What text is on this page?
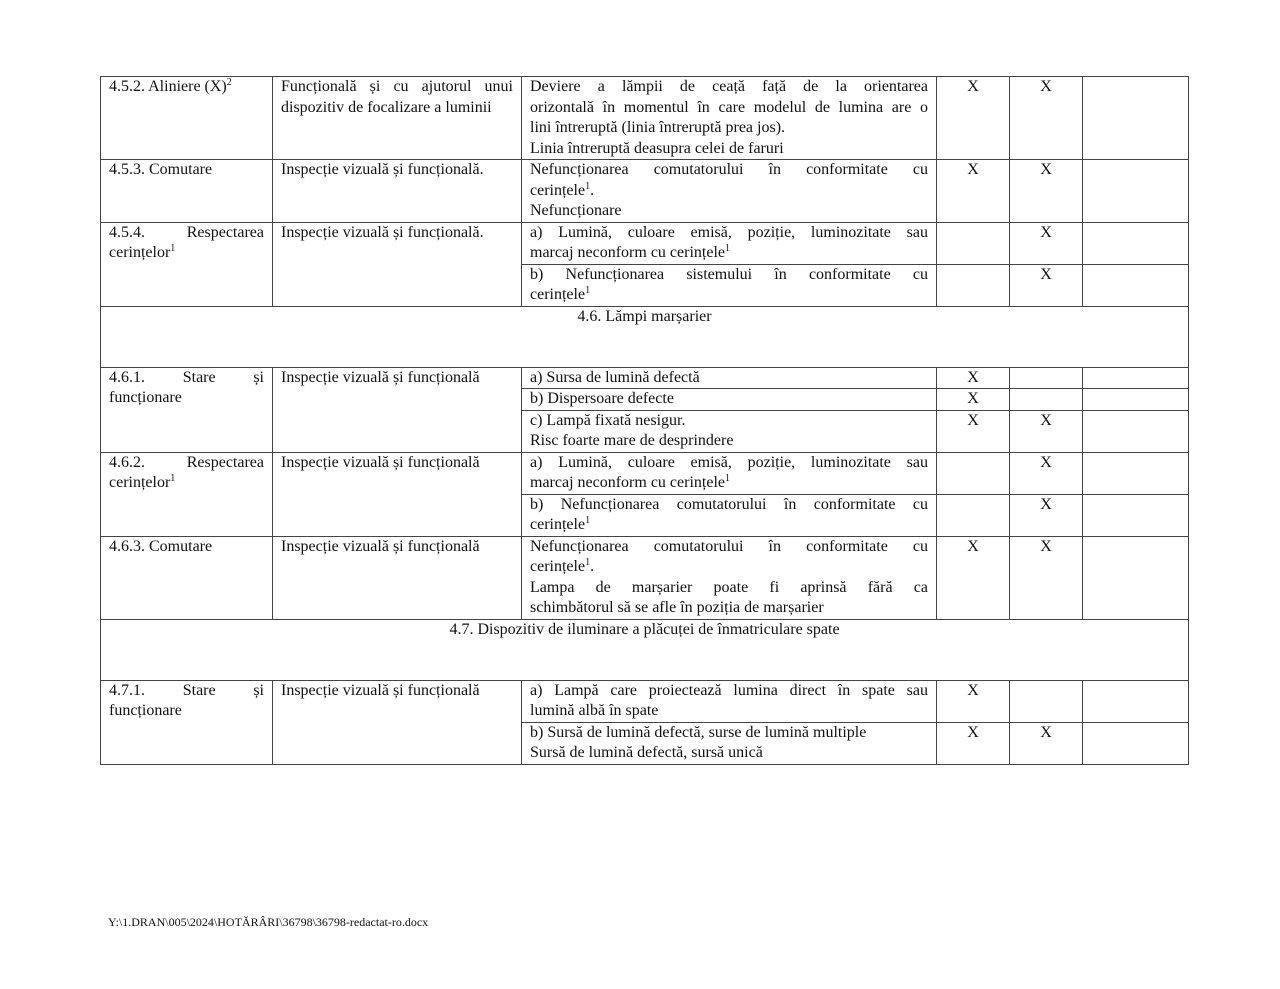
4.5.2. Aliniere $(X)^2$	Funcțională și cu ajutorul unui dispozitiv de focalizare a luminii	Deviere a lămpii de ceață față de la orientarea
orizontală în momentul în care modelul de lumina are o
lini întreruptă (linia întreruptă prea jos).
Linia întreruptă deasupra celei de faruri	X	X	
4.5.3. Comutare	Inspecție vizuală și funcțională.	Nefuncționarea comutatorului în conformitate cu
cerințele$^1$.
Nefuncționare	X	X	

4.5.4. Respectarea
cerințelor$^1$	Inspecție vizuală și funcțională.	a) Lumină, culoare emisă, poziție, luminozitate sau
marcaj neconform cu cerințele$^1$		X	

		b) Nefuncționarea sistemului în conformitate cu
cerințele$^1$		X	
4.6. Lămpi marșarier					

4.6.1. Stare și
funcționare	Inspecție vizuală și funcțională	a) Sursa de lumină defectă	X		
		b) Dispersoare defecte	X		

		c) Lampă fixată nesigur.
Risc foarte mare de desprindere	X	X	

4.6.2. Respectarea
cerințelor$^1$	Inspecție vizuală și funcțională	a) Lumină, culoare emisă, poziție, luminozitate sau
marcaj neconform cu cerințele$^1$		X	

		b) Nefuncționarea comutatorului în conformitate cu
cerințele$^1$		X	
4.6.3. Comutare	Inspecție vizuală și funcțională	Nefuncționarea comutatorului în conformitate cu
cerințele$^1$.
Lampa de marșarier poate fi aprinsă fără ca
schimbătorul să se afle în poziția de marșarier	X	X	
4.7. Dispozitiv de iluminare a plăcuței de înmatriculare spate					

4.7.1. Stare și
funcționare	Inspecție vizuală și funcțională	a) Lampă care proiectează lumina direct în spate sau
lumină albă în spate	X		

		b) Sursă de lumină defectă, surse de lumină multiple
Sursă de lumină defectă, sursă unică	X	X	
Y:\1.DRAN\005\2024\HOTĂRÂRI\36798\36798-redactat-ro.docx
